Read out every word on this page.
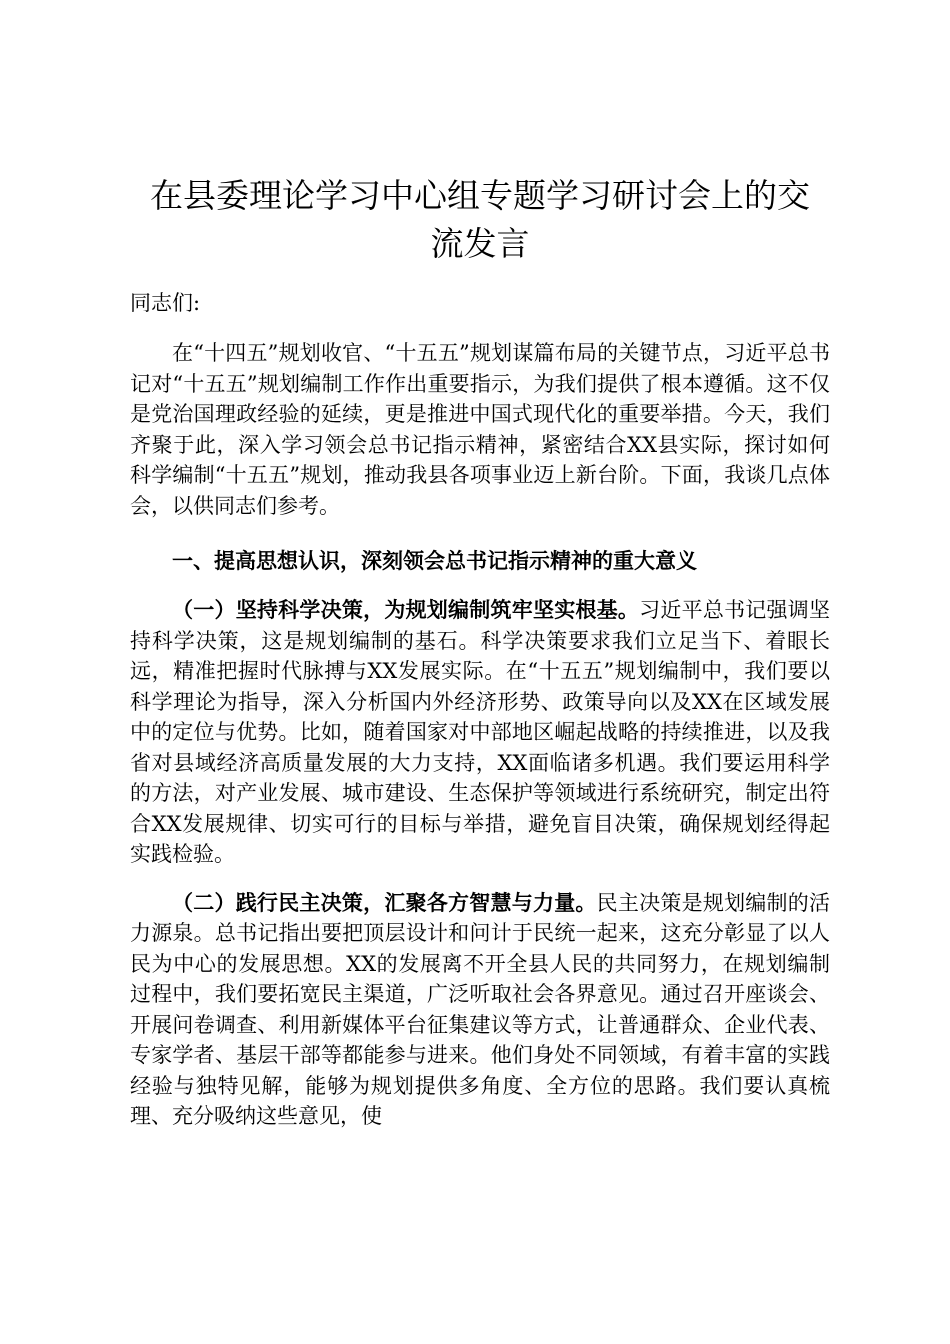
在县委理论学习中心组专题学习研讨会上的交
流发言

同志们:

在“十四五”规划收官、“十五五”规划谋篇布局的关键节点，习近平总书记对“十五五”规划编制工作作出重要指示，为我们提供了根本遵循。这不仅是党治国理政经验的延续，更是推进中国式现代化的重要举措。今天，我们齐聚于此，深入学习领会总书记指示精神，紧密结合XX县实际，探讨如何科学编制“十五五”规划，推动我县各项事业迈上新台阶。下面，我谈几点体会，以供同志们参考。

一、提高思想认识，深刻领会总书记指示精神的重大意义

（一）坚持科学决策，为规划编制筑牢坚实根基。习近平总书记强调坚持科学决策，这是规划编制的基石。科学决策要求我们立足当下、着眼长远，精准把握时代脉搏与XX发展实际。在“十五五”规划编制中，我们要以科学理论为指导，深入分析国内外经济形势、政策导向以及XX在区域发展中的定位与优势。比如，随着国家对中部地区崛起战略的持续推进，以及我省对县域经济高质量发展的大力支持，XX面临诸多机遇。我们要运用科学的方法，对产业发展、城市建设、生态保护等领域进行系统研究，制定出符合XX发展规律、切实可行的目标与举措，避免盲目决策，确保规划经得起实践检验。

（二）践行民主决策，汇聚各方智慧与力量。民主决策是规划编制的活力源泉。总书记指出要把顶层设计和问计于民统一起来，这充分彰显了以人民为中心的发展思想。XX的发展离不开全县人民的共同努力，在规划编制过程中，我们要拓宽民主渠道，广泛听取社会各界意见。通过召开座谈会、开展问卷调查、利用新媒体平台征集建议等方式，让普通群众、企业代表、专家学者、基层干部等都能参与进来。他们身处不同领域，有着丰富的实践经验与独特见解，能够为规划提供多角度、全方位的思路。我们要认真梳理、充分吸纳这些意见，使
